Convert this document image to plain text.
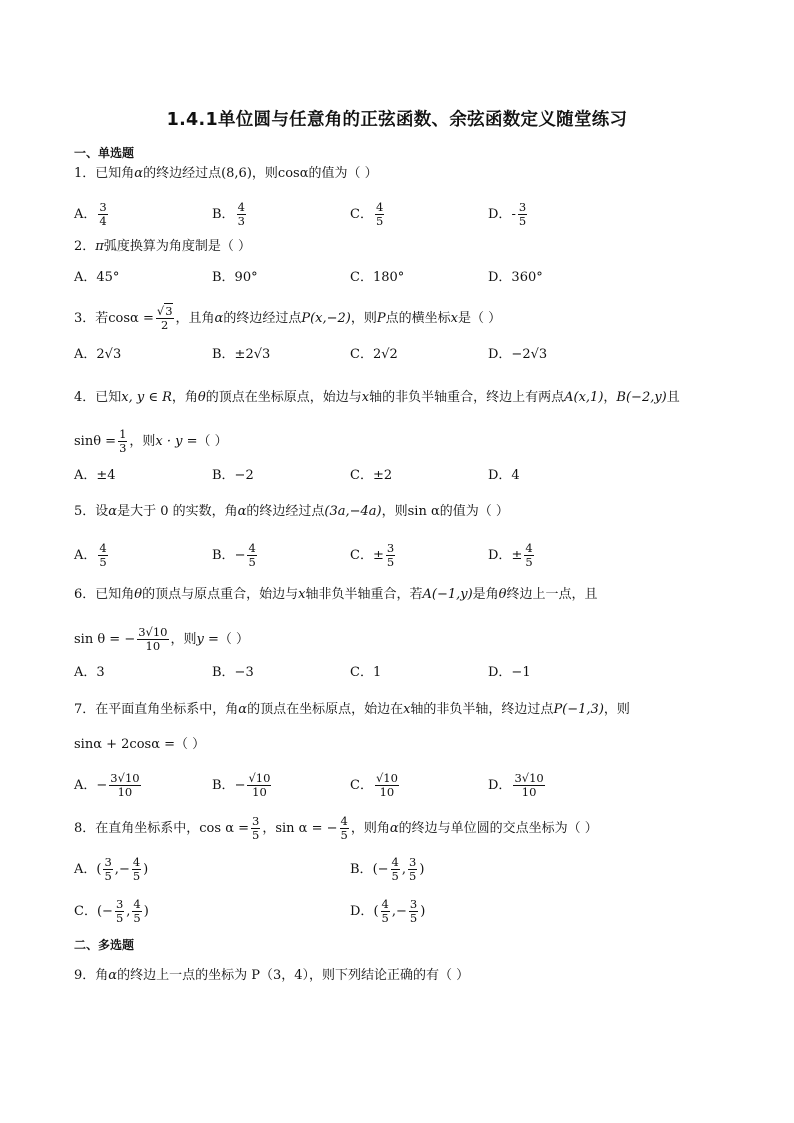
1.4.1单位圆与任意角的正弦函数、余弦函数定义随堂练习
一、单选题
1．已知角α的终边经过点(8,6)，则cosα的值为（ ）
A． $\frac{3}{4}$	B． $\frac{4}{3}$	C． $\frac{4}{5}$	D．- $\frac{3}{5}$
2．π弧度换算为角度制是（ ）
A．45°	B．90°	C．180°	D．360°
3．若$\cos\alpha = \frac{√3}{2}$ ，且角α的终边经过点P(x,−2)，则P点的横坐标x是（ ）
A．2√3	B．±2√3	C．2√2	D．−2√3
4．已知x, y ∈ R，角θ的顶点在坐标原点，始边与x轴的非负半轴重合，终边上有两点A(x,1)，B(−2,y)且
$\sin\theta = \frac{1}{3}$ ，则x · y =（ ）
A．±4	B．−2	C．±2	D．4
5．设α是大于 0 的实数，角α的终边经过点(3a,−4a)，则sin α的值为（ ）
A． $\frac{4}{5}$	B．− $\frac{4}{5}$	C．± $\frac{3}{5}$	D．± $\frac{4}{5}$
6．已知角θ的顶点与原点重合，始边与x轴非负半轴重合，若A(−1,y)是角θ终边上一点，且
sin θ = − $\frac{3√10}{10}$ ，则y =（ ）
A．3	B．−3	C．1	D．−1
7．在平面直角坐标系中，角α的顶点在坐标原点，始边在x轴的非负半轴，终边过点P(−1,3)，则
sinα + 2cosα =（ ）
A．− $\frac{3√10}{10}$	B．− $\frac{√10}{10}$	C． $\frac{√10}{10}$	D． $\frac{3√10}{10}$
8．在直角坐标系中，$\cos \alpha = \frac{3}{5}$ ，sin α = − $\frac{4}{5}$ ，则角α的终边与单位圆的交点坐标为（ ）
A．( $\frac{3}{5}$ ,− $\frac{4}{5}$ )	B．(− $\frac{4}{5}$ , $\frac{3}{5}$ )
C．(− $\frac{3}{5}$ , $\frac{4}{5}$ )	D．( $\frac{4}{5}$ ,− $\frac{3}{5}$ )
二、多选题
9．角α的终边上一点的坐标为 P（3，4），则下列结论正确的有（ ）
